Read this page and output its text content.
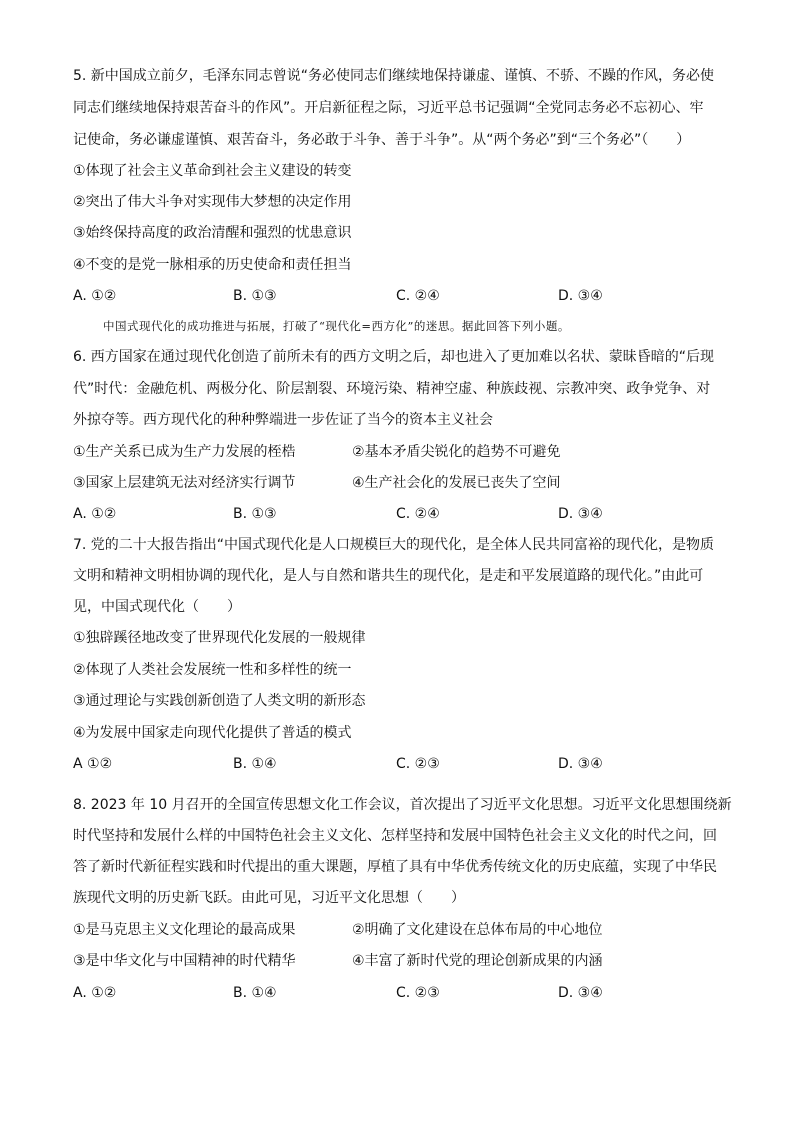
5. 新中国成立前夕，毛泽东同志曾说“务必使同志们继续地保持谦虚、谨慎、不骄、不躁的作风，务必使
同志们继续地保持艰苦奋斗的作风”。开启新征程之际，习近平总书记强调“全党同志务必不忘初心、牢
记使命，务必谦虚谨慎、艰苦奋斗，务必敢于斗争、善于斗争”。从“两个务必”到“三个务必”（　　）
①体现了社会主义革命到社会主义建设的转变
②突出了伟大斗争对实现伟大梦想的决定作用
③始终保持高度的政治清醒和强烈的忧患意识
④不变的是党一脉相承的历史使命和责任担当
A. ①②	B. ①③	C. ②④	D. ③④
中国式现代化的成功推进与拓展，打破了“现代化=西方化”的迷思。据此回答下列小题。
6. 西方国家在通过现代化创造了前所未有的西方文明之后，却也进入了更加难以名状、蒙昧昏暗的“后现
代”时代：金融危机、两极分化、阶层割裂、环境污染、精神空虚、种族歧视、宗教冲突、政争党争、对
外掠夺等。西方现代化的种种弊端进一步佐证了当今的资本主义社会
①生产关系已成为生产力发展的桎梏	②基本矛盾尖锐化的趋势不可避免
③国家上层建筑无法对经济实行调节	④生产社会化的发展已丧失了空间
A. ①②	B. ①③	C. ②④	D. ③④
7. 党的二十大报告指出“中国式现代化是人口规模巨大的现代化，是全体人民共同富裕的现代化，是物质
文明和精神文明相协调的现代化，是人与自然和谐共生的现代化，是走和平发展道路的现代化。”由此可
见，中国式现代化（　　）
①独辟蹊径地改变了世界现代化发展的一般规律
②体现了人类社会发展统一性和多样性的统一
③通过理论与实践创新创造了人类文明的新形态
④为发展中国家走向现代化提供了普适的模式
A ①②	B. ①④	C. ②③	D. ③④
8. 2023 年 10 月召开的全国宣传思想文化工作会议，首次提出了习近平文化思想。习近平文化思想围绕新
时代坚持和发展什么样的中国特色社会主义文化、怎样坚持和发展中国特色社会主义文化的时代之问，回
答了新时代新征程实践和时代提出的重大课题，厚植了具有中华优秀传统文化的历史底蕴，实现了中华民
族现代文明的历史新飞跃。由此可见，习近平文化思想（　　）
①是马克思主义文化理论的最高成果	②明确了文化建设在总体布局的中心地位
③是中华文化与中国精神的时代精华	④丰富了新时代党的理论创新成果的内涵
A. ①②	B. ①④	C. ②③	D. ③④
